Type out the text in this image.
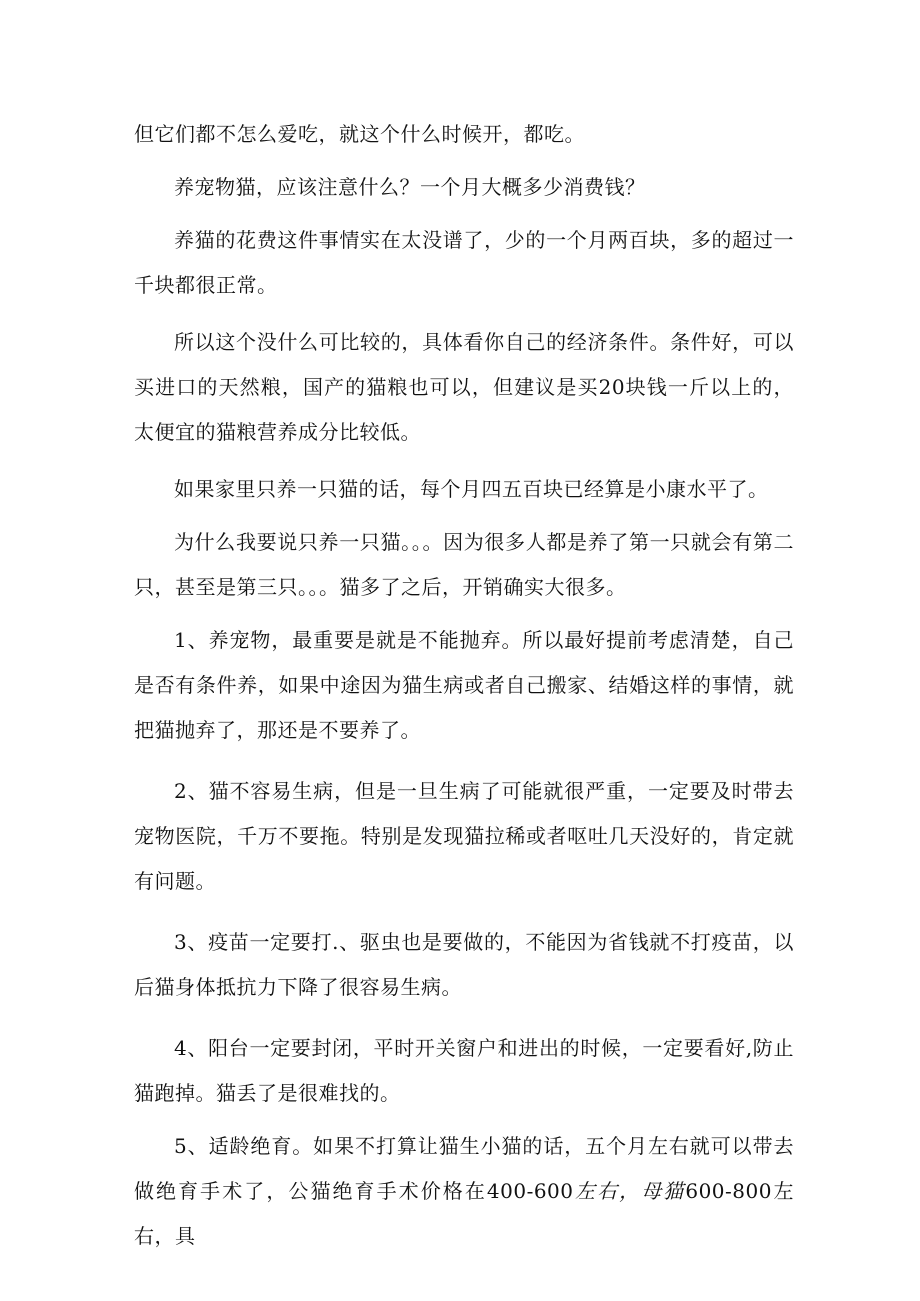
但它们都不怎么爱吃，就这个什么时候开，都吃。

养宠物猫，应该注意什么？一个月大概多少消费钱？

养猫的花费这件事情实在太没谱了，少的一个月两百块，多的超过一千块都很正常。

所以这个没什么可比较的，具体看你自己的经济条件。条件好，可以买进口的天然粮，国产的猫粮也可以，但建议是买20块钱一斤以上的，太便宜的猫粮营养成分比较低。

如果家里只养一只猫的话，每个月四五百块已经算是小康水平了。

为什么我要说只养一只猫。。。因为很多人都是养了第一只就会有第二只，甚至是第三只。。。猫多了之后，开销确实大很多。

1、养宠物，最重要是就是不能抛弃。所以最好提前考虑清楚，自己是否有条件养，如果中途因为猫生病或者自己搬家、结婚这样的事情，就把猫抛弃了，那还是不要养了。

2、猫不容易生病，但是一旦生病了可能就很严重，一定要及时带去宠物医院，千万不要拖。特别是发现猫拉稀或者呕吐几天没好的，肯定就有问题。

3、疫苗一定要打.、驱虫也是要做的，不能因为省钱就不打疫苗，以后猫身体抵抗力下降了很容易生病。

4、阳台一定要封闭，平时开关窗户和进出的时候，一定要看好,防止猫跑掉。猫丢了是很难找的。

5、适龄绝育。如果不打算让猫生小猫的话，五个月左右就可以带去做绝育手术了，公猫绝育手术价格在400-600左右，母猫600-800左右，具
